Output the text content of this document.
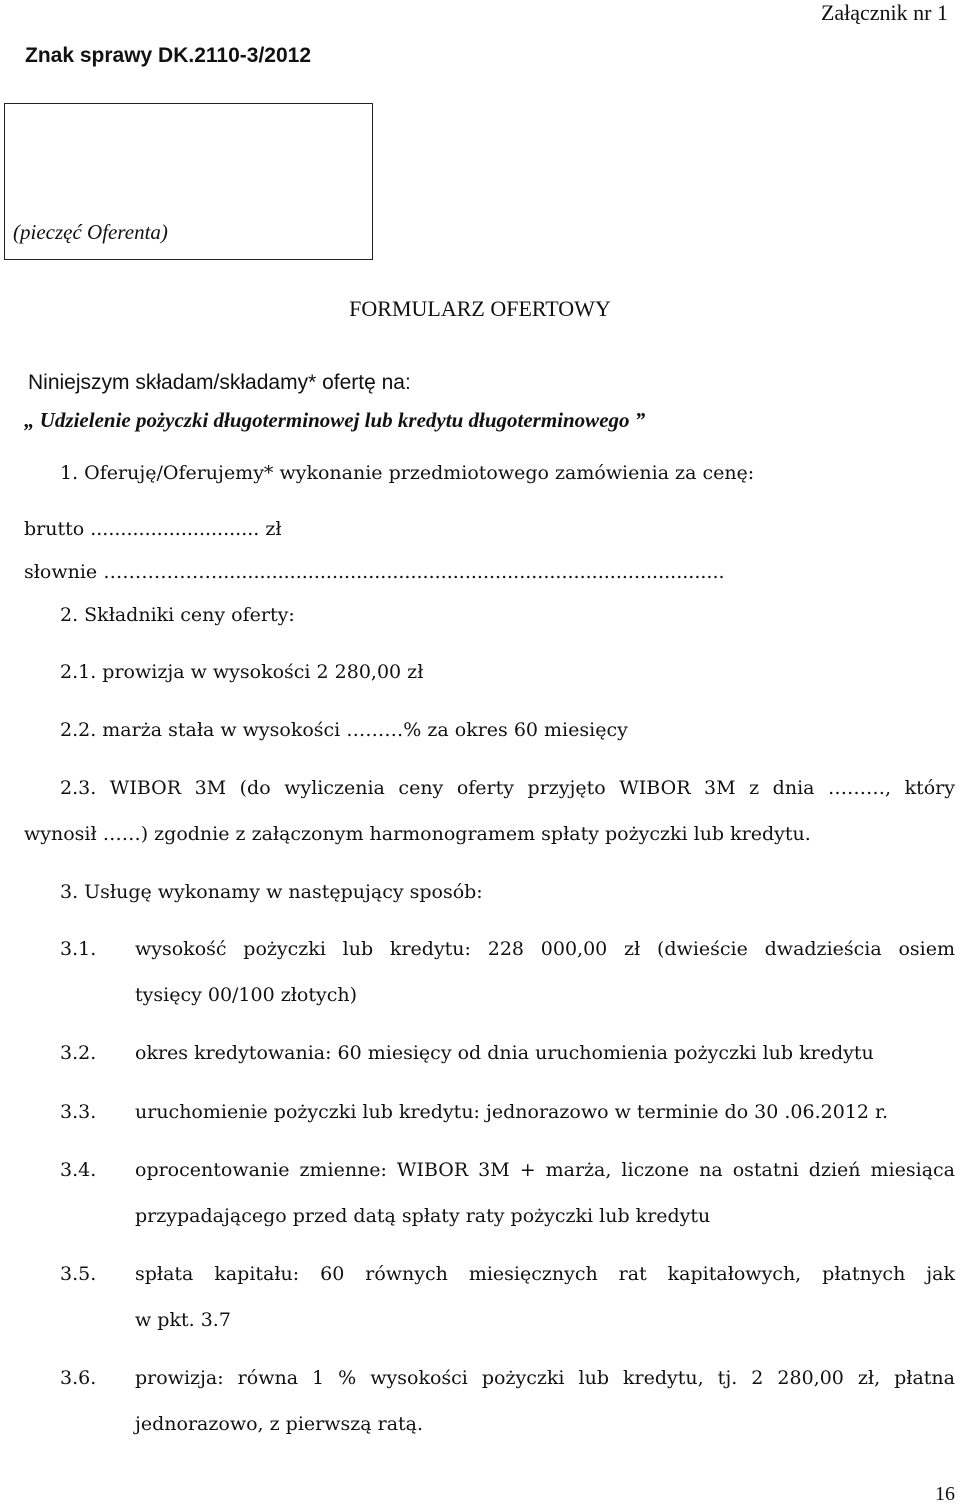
Załącznik nr 1
Znak sprawy DK.2110-3/2012
(pieczęć Oferenta)
FORMULARZ OFERTOWY
Niniejszym składam/składamy* ofertę na:
„ Udzielenie pożyczki długoterminowej lub kredytu długoterminowego ”
1. Oferuję/Oferujemy* wykonanie przedmiotowego zamówienia za cenę:
brutto ............................ zł
słownie ………………....................................................................................
2. Składniki ceny oferty:
2.1. prowizja w wysokości 2 280,00 zł
2.2. marża stała w wysokości ………% za okres 60 miesięcy
2.3. WIBOR 3M (do wyliczenia ceny oferty przyjęto WIBOR 3M z dnia ………, który
wynosił ……) zgodnie z załączonym harmonogramem spłaty pożyczki lub kredytu.
3. Usługę wykonamy w następujący sposób:
3.1. wysokość pożyczki lub kredytu: 228 000,00 zł (dwieście dwadzieścia osiem
tysięcy 00/100 złotych)
3.2. okres kredytowania: 60 miesięcy od dnia uruchomienia pożyczki lub kredytu
3.3. uruchomienie pożyczki lub kredytu: jednorazowo w terminie do 30 .06.2012 r.
3.4. oprocentowanie zmienne: WIBOR 3M + marża, liczone na ostatni dzień miesiąca
przypadającego przed datą spłaty raty pożyczki lub kredytu
3.5. spłata kapitału: 60 równych miesięcznych rat kapitałowych, płatnych jak
w pkt. 3.7
3.6. prowizja: równa 1 % wysokości pożyczki lub kredytu, tj. 2 280,00 zł, płatna
jednorazowo, z pierwszą ratą.
16
